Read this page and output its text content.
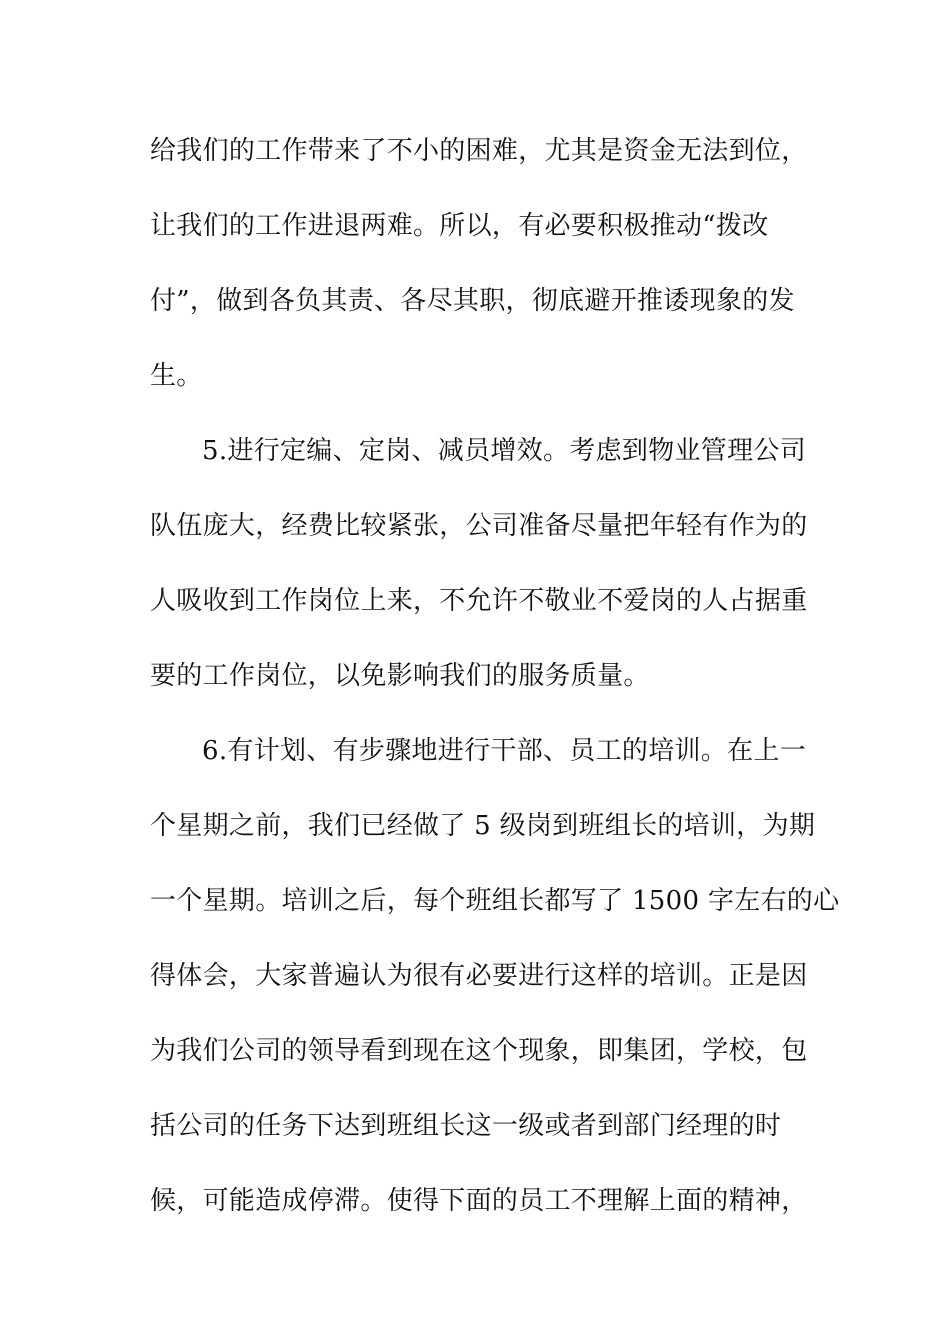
给我们的工作带来了不小的困难，尤其是资金无法到位，
让我们的工作进退两难。所以，有必要积极推动“拨改
付”，做到各负其责、各尽其职，彻底避开推诿现象的发
生。
5.进行定编、定岗、减员增效。考虑到物业管理公司
队伍庞大，经费比较紧张，公司准备尽量把年轻有作为的
人吸收到工作岗位上来，不允许不敬业不爱岗的人占据重
要的工作岗位，以免影响我们的服务质量。
6.有计划、有步骤地进行干部、员工的培训。在上一
个星期之前，我们已经做了 5 级岗到班组长的培训，为期
一个星期。培训之后，每个班组长都写了 1500 字左右的心
得体会，大家普遍认为很有必要进行这样的培训。正是因
为我们公司的领导看到现在这个现象，即集团，学校，包
括公司的任务下达到班组长这一级或者到部门经理的时
候，可能造成停滞。使得下面的员工不理解上面的精神，
